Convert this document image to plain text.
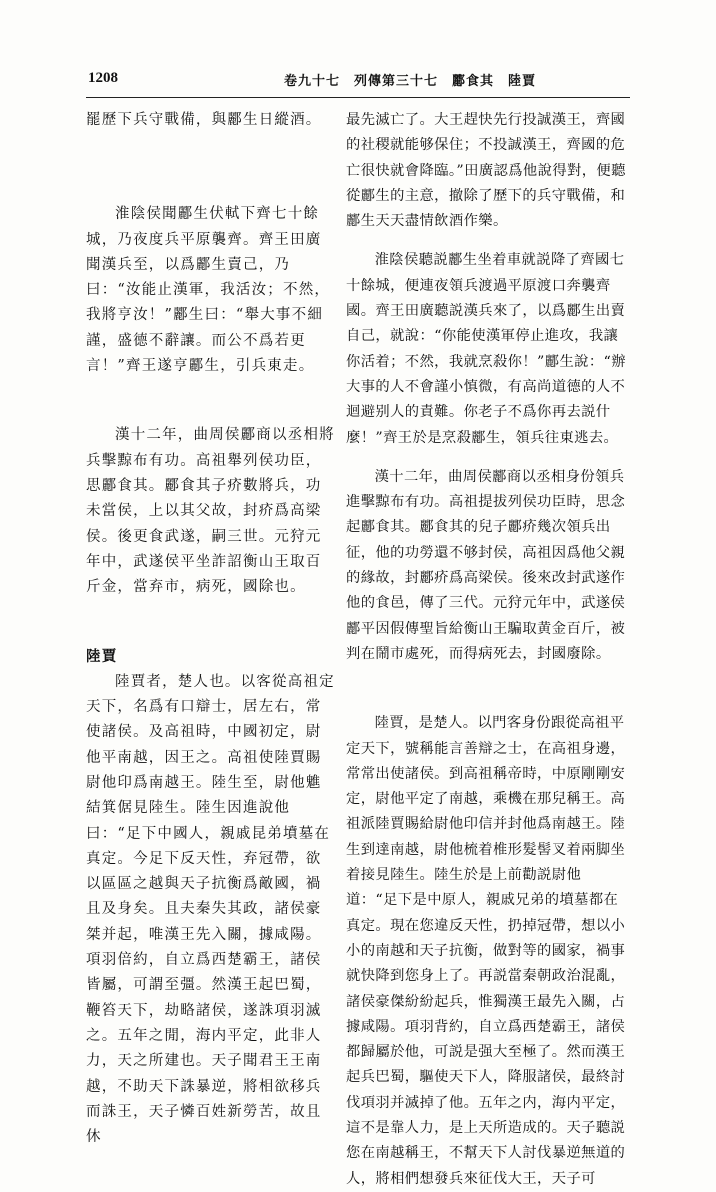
1208	卷九十七　列傳第三十七　酈食其　陸賈

罷歷下兵守戰備，與酈生日縱酒。

淮陰侯聞酈生伏軾下齊七十餘城，乃夜度兵平原襲齊。齊王田廣聞漢兵至，以爲酈生賣己，乃曰：“汝能止漢軍，我活汝；不然，我將亨汝！”酈生曰：“舉大事不細謹，盛德不辭讓。而公不爲若更言！”齊王遂亨酈生，引兵東走。

漢十二年，曲周侯酈商以丞相將兵擊黥布有功。高祖舉列侯功臣，思酈食其。酈食其子疥數將兵，功未當侯，上以其父故，封疥爲高梁侯。後更食武遂，嗣三世。元狩元年中，武遂侯平坐詐詔衡山王取百斤金，當弃市，病死，國除也。

陸賈

陸賈者，楚人也。以客從高祖定天下，名爲有口辯士，居左右，常使諸侯。及高祖時，中國初定，尉他平南越，因王之。高祖使陸賈賜尉他印爲南越王。陸生至，尉他魋結箕倨見陸生。陸生因進說他曰：“足下中國人，親戚昆弟墳墓在真定。今足下反天性，弃冠帶，欲以區區之越與天子抗衡爲敵國，禍且及身矣。且夫秦失其政，諸侯豪桀并起，唯漢王先入關，據咸陽。項羽倍約，自立爲西楚霸王，諸侯皆屬，可謂至彊。然漢王起巴蜀，鞭笞天下，劫略諸侯，遂誅項羽滅之。五年之閒，海内平定，此非人力，天之所建也。天子聞君王王南越，不助天下誅暴逆，將相欲移兵而誅王，天子憐百姓新勞苦，故且休

最先滅亡了。大王趕快先行投誠漢王，齊國的社稷就能够保住；不投誠漢王，齊國的危亡很快就會降臨。”田廣認爲他說得對，便聽從酈生的主意，撤除了歷下的兵守戰備，和酈生天天盡情飲酒作樂。

淮陰侯聽説酈生坐着車就説降了齊國七十餘城，便連夜領兵渡過平原渡口奔襲齊國。齊王田廣聽説漢兵來了，以爲酈生出賣自己，就說：“你能使漢軍停止進攻，我讓你活着；不然，我就烹殺你！”酈生說：“辦大事的人不會謹小慎微，有高尚道德的人不迴避别人的責難。你老子不爲你再去説什麼！”齊王於是烹殺酈生，領兵往東逃去。

漢十二年，曲周侯酈商以丞相身份領兵進擊黥布有功。高祖提拔列侯功臣時，思念起酈食其。酈食其的兒子酈疥幾次領兵出征，他的功勞還不够封侯，高祖因爲他父親的緣故，封酈疥爲高梁侯。後來改封武遂作他的食邑，傳了三代。元狩元年中，武遂侯酈平因假傳聖旨給衡山王騙取黄金百斤，被判在鬧市處死，而得病死去，封國廢除。

陸賈，是楚人。以門客身份跟從高祖平定天下，號稱能言善辯之士，在高祖身邊，常常出使諸侯。到高祖稱帝時，中原剛剛安定，尉他平定了南越，乘機在那兒稱王。高祖派陸賈賜給尉他印信并封他爲南越王。陸生到達南越，尉他梳着椎形髮髻叉着兩脚坐着接見陸生。陸生於是上前勸説尉他道：“足下是中原人，親戚兄弟的墳墓都在真定。現在您違反天性，扔掉冠帶，想以小小的南越和天子抗衡，做對等的國家，禍事就快降到您身上了。再説當秦朝政治混亂，諸侯豪傑紛紛起兵，惟獨漢王最先入關，占據咸陽。項羽背約，自立爲西楚霸王，諸侯都歸屬於他，可説是强大至極了。然而漢王起兵巴蜀，驅使天下人，降服諸侯，最終討伐項羽并滅掉了他。五年之内，海内平定，這不是靠人力，是上天所造成的。天子聽説您在南越稱王，不幫天下人討伐暴逆無道的人，將相們想發兵來征伐大王，天子可
